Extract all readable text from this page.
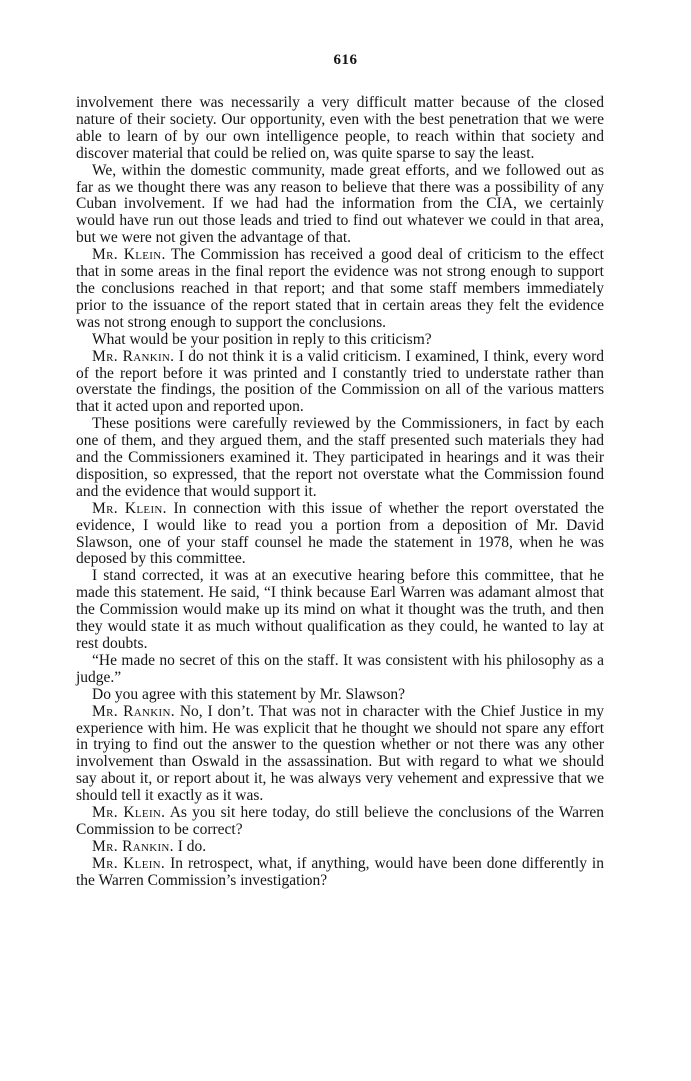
616

involvement there was necessarily a very difficult matter because of the closed nature of their society. Our opportunity, even with the best penetration that we were able to learn of by our own intelligence people, to reach within that society and discover material that could be relied on, was quite sparse to say the least.

We, within the domestic community, made great efforts, and we followed out as far as we thought there was any reason to believe that there was a possibility of any Cuban involvement. If we had had the information from the CIA, we certainly would have run out those leads and tried to find out whatever we could in that area, but we were not given the advantage of that.

Mr. Klein. The Commission has received a good deal of criticism to the effect that in some areas in the final report the evidence was not strong enough to support the conclusions reached in that report; and that some staff members immediately prior to the issuance of the report stated that in certain areas they felt the evidence was not strong enough to support the conclusions.

What would be your position in reply to this criticism?

Mr. Rankin. I do not think it is a valid criticism. I examined, I think, every word of the report before it was printed and I constantly tried to understate rather than overstate the findings, the position of the Commission on all of the various matters that it acted upon and reported upon.

These positions were carefully reviewed by the Commissioners, in fact by each one of them, and they argued them, and the staff presented such materials they had and the Commissioners examined it. They participated in hearings and it was their disposition, so expressed, that the report not overstate what the Commission found and the evidence that would support it.

Mr. Klein. In connection with this issue of whether the report overstated the evidence, I would like to read you a portion from a deposition of Mr. David Slawson, one of your staff counsel he made the statement in 1978, when he was deposed by this committee.

I stand corrected, it was at an executive hearing before this committee, that he made this statement. He said, “I think because Earl Warren was adamant almost that the Commission would make up its mind on what it thought was the truth, and then they would state it as much without qualification as they could, he wanted to lay at rest doubts.

“He made no secret of this on the staff. It was consistent with his philosophy as a judge.”

Do you agree with this statement by Mr. Slawson?

Mr. Rankin. No, I don’t. That was not in character with the Chief Justice in my experience with him. He was explicit that he thought we should not spare any effort in trying to find out the answer to the question whether or not there was any other involvement than Oswald in the assassination. But with regard to what we should say about it, or report about it, he was always very vehement and expressive that we should tell it exactly as it was.

Mr. Klein. As you sit here today, do still believe the conclusions of the Warren Commission to be correct?

Mr. Rankin. I do.

Mr. Klein. In retrospect, what, if anything, would have been done differently in the Warren Commission’s investigation?
